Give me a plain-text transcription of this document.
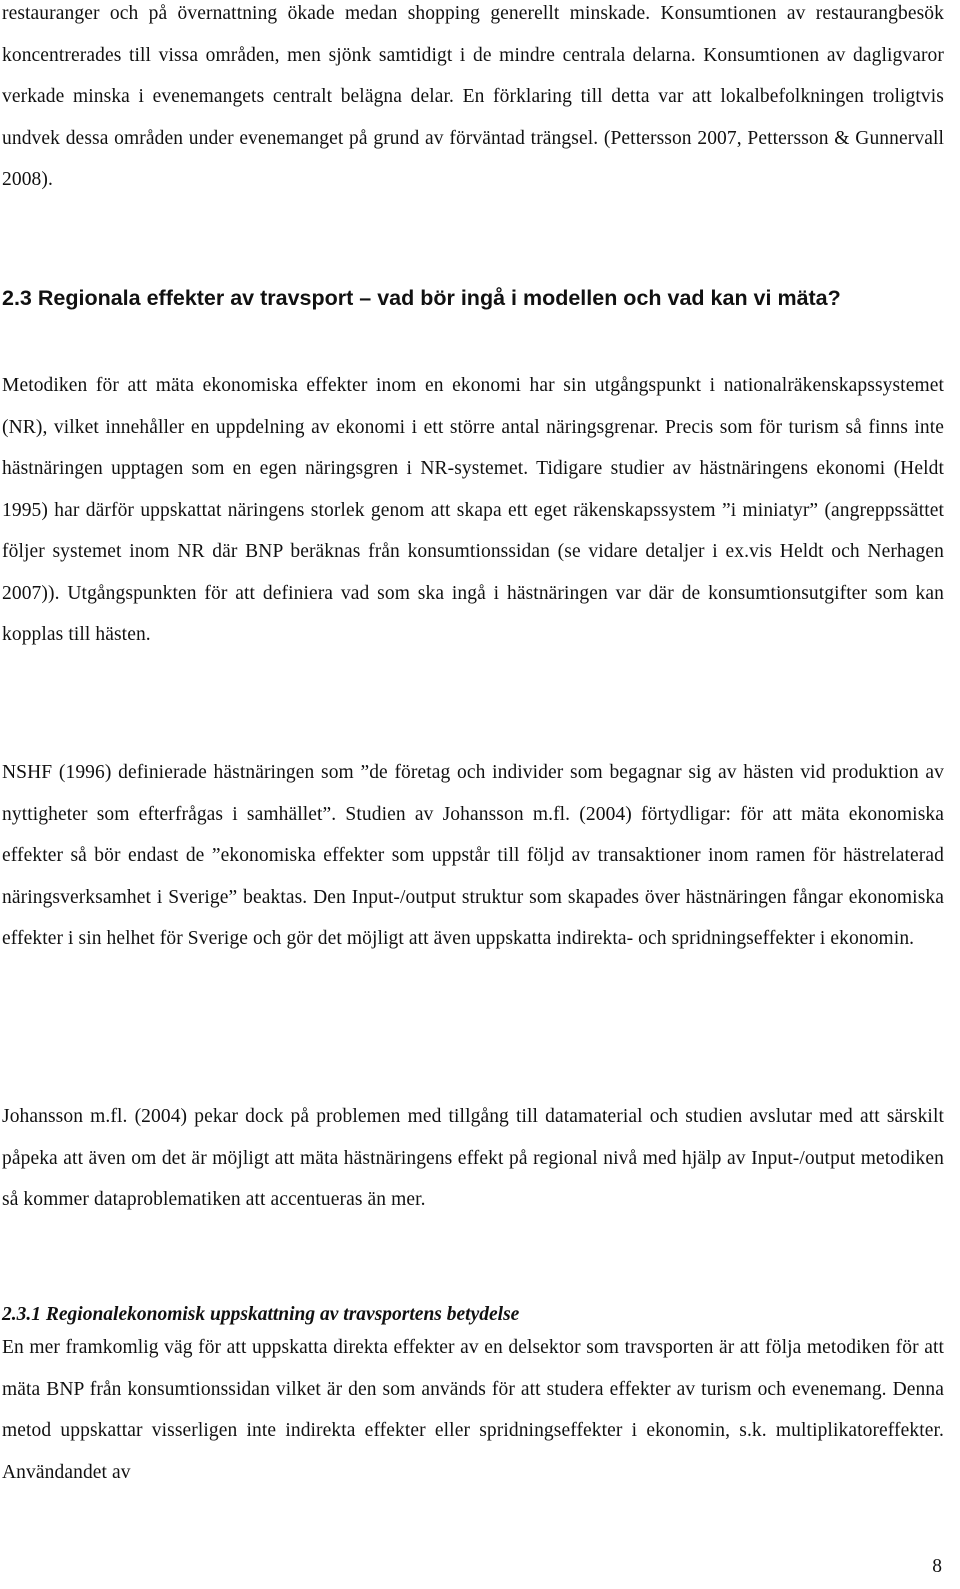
restauranger och på övernattning ökade medan shopping generellt minskade. Konsumtionen av restaurangbesök koncentrerades till vissa områden, men sjönk samtidigt i de mindre centrala delarna. Konsumtionen av dagligvaror verkade minska i evenemangets centralt belägna delar. En förklaring till detta var att lokalbefolkningen troligtvis undvek dessa områden under evenemanget på grund av förväntad trängsel. (Pettersson 2007, Pettersson & Gunnervall 2008).

2.3 Regionala effekter av travsport – vad bör ingå i modellen och vad kan vi mäta?

Metodiken för att mäta ekonomiska effekter inom en ekonomi har sin utgångspunkt i nationalräkenskapssystemet (NR), vilket innehåller en uppdelning av ekonomi i ett större antal näringsgrenar. Precis som för turism så finns inte hästnäringen upptagen som en egen näringsgren i NR-systemet. Tidigare studier av hästnäringens ekonomi (Heldt 1995) har därför uppskattat näringens storlek genom att skapa ett eget räkenskapssystem ”i miniatyr” (angreppssättet följer systemet inom NR där BNP beräknas från konsumtionssidan (se vidare detaljer i ex.vis Heldt och Nerhagen 2007)). Utgångspunkten för att definiera vad som ska ingå i hästnäringen var där de konsumtionsutgifter som kan kopplas till hästen.

NSHF (1996) definierade hästnäringen som ”de företag och individer som begagnar sig av hästen vid produktion av nyttigheter som efterfrågas i samhället”. Studien av Johansson m.fl. (2004) förtydligar: för att mäta ekonomiska effekter så bör endast de ”ekonomiska effekter som uppstår till följd av transaktioner inom ramen för hästrelaterad näringsverksamhet i Sverige” beaktas. Den Input-/output struktur som skapades över hästnäringen fångar ekonomiska effekter i sin helhet för Sverige och gör det möjligt att även uppskatta indirekta- och spridningseffekter i ekonomin.

Johansson m.fl. (2004) pekar dock på problemen med tillgång till datamaterial och studien avslutar med att särskilt påpeka att även om det är möjligt att mäta hästnäringens effekt på regional nivå med hjälp av Input-/output metodiken så kommer dataproblematiken att accentueras än mer.

2.3.1 Regionalekonomisk uppskattning av travsportens betydelse

En mer framkomlig väg för att uppskatta direkta effekter av en delsektor som travsporten är att följa metodiken för att mäta BNP från konsumtionssidan vilket är den som används för att studera effekter av turism och evenemang. Denna metod uppskattar visserligen inte indirekta effekter eller spridningseffekter i ekonomin, s.k. multiplikatoreffekter. Användandet av

8
